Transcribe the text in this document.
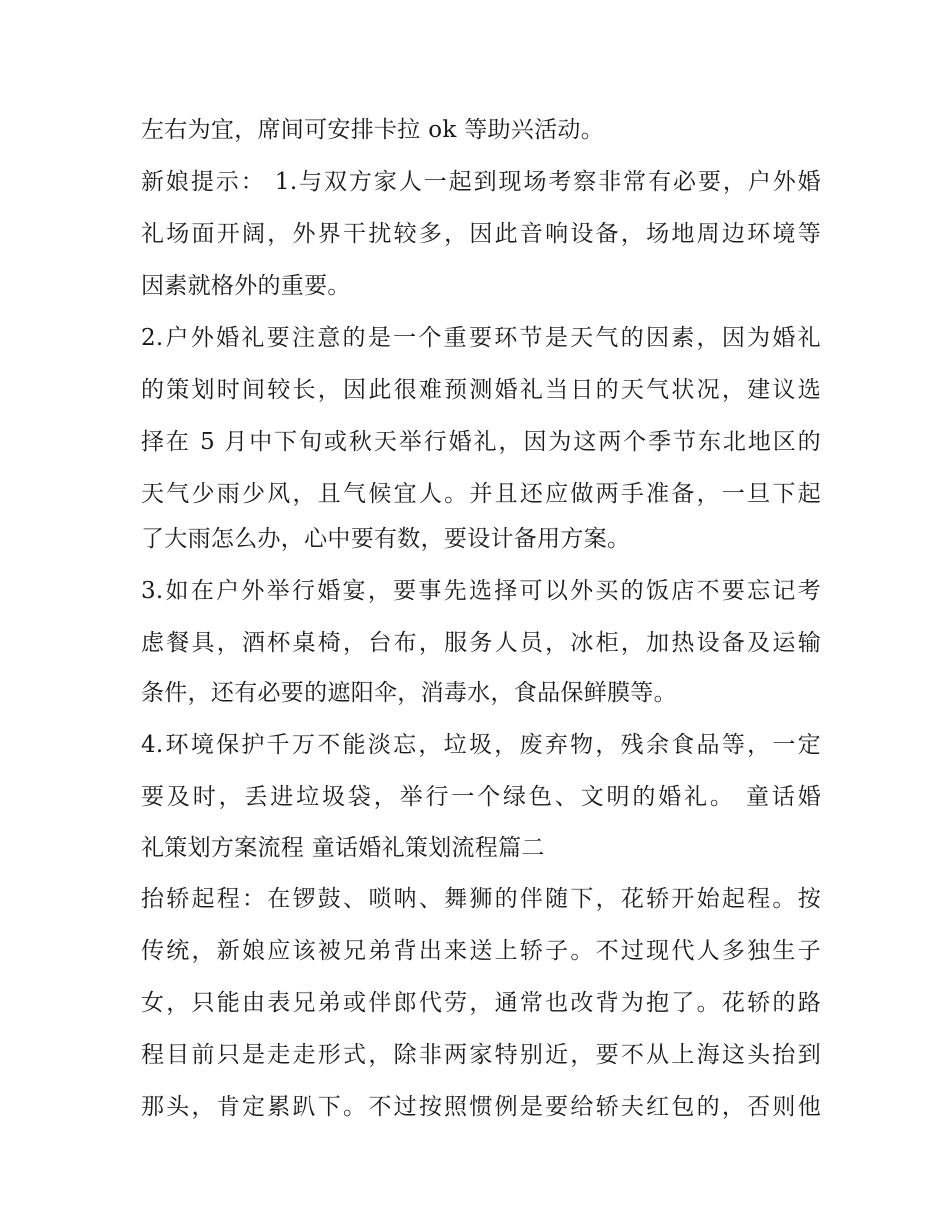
左右为宜，席间可安排卡拉 ok 等助兴活动。
新娘提示： 1.与双方家人一起到现场考察非常有必要，户外婚
礼场面开阔，外界干扰较多，因此音响设备，场地周边环境等
因素就格外的重要。
2.户外婚礼要注意的是一个重要环节是天气的因素，因为婚礼
的策划时间较长，因此很难预测婚礼当日的天气状况，建议选
择在 5 月中下旬或秋天举行婚礼，因为这两个季节东北地区的
天气少雨少风，且气候宜人。并且还应做两手准备，一旦下起
了大雨怎么办，心中要有数，要设计备用方案。
3.如在户外举行婚宴，要事先选择可以外买的饭店不要忘记考
虑餐具，酒杯桌椅，台布，服务人员，冰柜，加热设备及运输
条件，还有必要的遮阳伞，消毒水，食品保鲜膜等。
4.环境保护千万不能淡忘，垃圾，废弃物，残余食品等，一定
要及时，丢进垃圾袋，举行一个绿色、文明的婚礼。 童话婚
礼策划方案流程 童话婚礼策划流程篇二
抬轿起程：在锣鼓、唢呐、舞狮的伴随下，花轿开始起程。按
传统，新娘应该被兄弟背出来送上轿子。不过现代人多独生子
女，只能由表兄弟或伴郎代劳，通常也改背为抱了。花轿的路
程目前只是走走形式，除非两家特别近，要不从上海这头抬到
那头，肯定累趴下。不过按照惯例是要给轿夫红包的，否则他
